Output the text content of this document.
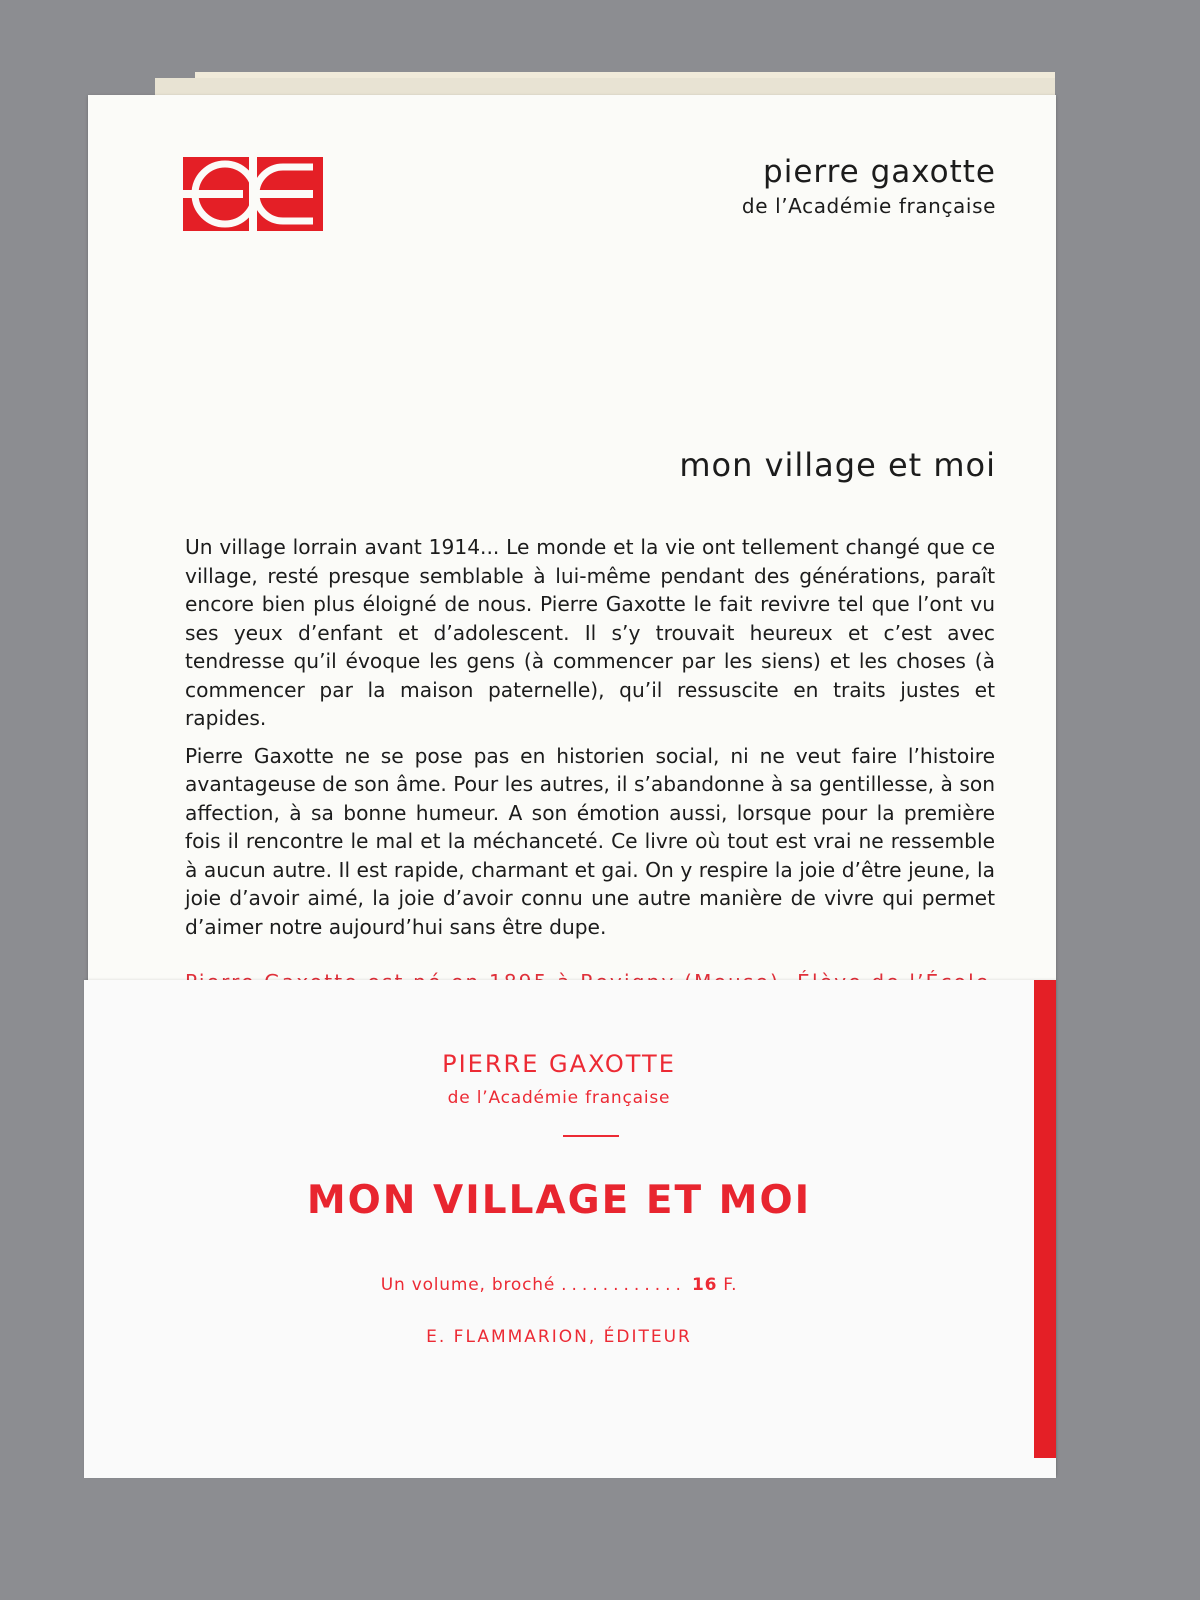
pierre gaxotte
de l’Académie française
mon village et moi

Un village lorrain avant 1914... Le monde et la vie ont tellement changé que ce village, resté presque semblable à lui-même pendant des générations, paraît encore bien plus éloigné de nous. Pierre Gaxotte le fait revivre tel que l’ont vu ses yeux d’enfant et d’adolescent. Il s’y trouvait heureux et c’est avec tendresse qu’il évoque les gens (à commencer par les siens) et les choses (à commencer par la maison paternelle), qu’il ressuscite en traits justes et rapides.

Pierre Gaxotte ne se pose pas en historien social, ni ne veut faire l’histoire avantageuse de son âme. Pour les autres, il s’abandonne à sa gentillesse, à son affection, à sa bonne humeur. A son émotion aussi, lorsque pour la première fois il rencontre le mal et la méchanceté. Ce livre où tout est vrai ne ressemble à aucun autre. Il est rapide, charmant et gai. On y respire la joie d’être jeune, la joie d’avoir aimé, la joie d’avoir connu une autre manière de vivre qui permet d’aimer notre aujourd’hui sans être dupe.

PIERRE GAXOTTE
de l’Académie française
MON VILLAGE ET MOI
Un volume, broché ............ 16 F.
E. FLAMMARION, ÉDITEUR
